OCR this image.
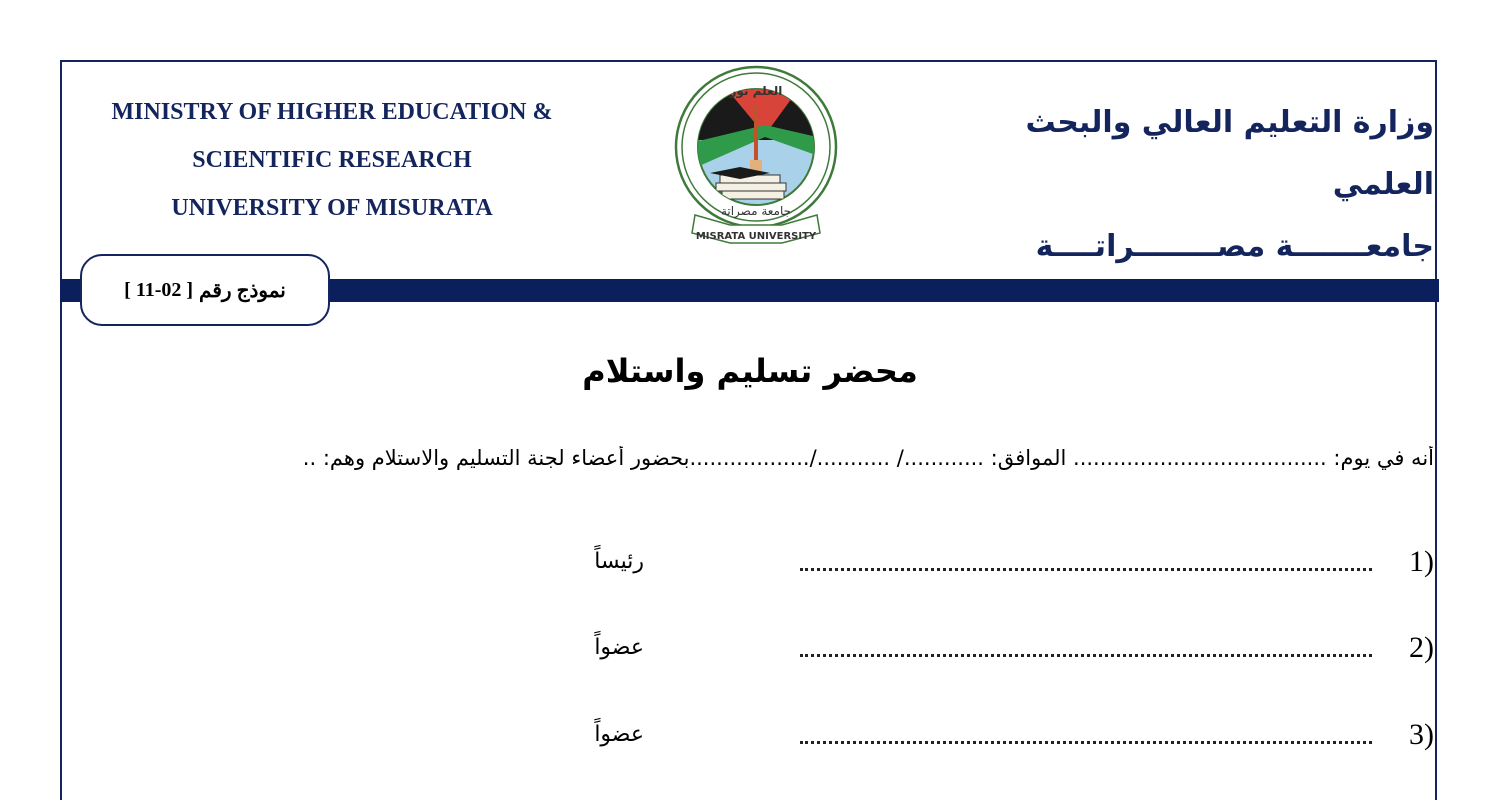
MINISTRY OF HIGHER EDUCATION &
SCIENTIFIC RESEARCH
UNIVERSITY OF MISURATA
MISRATA UNIVERSITY
العلم نور
جامعة مصراتة
وزارة التعليم العالي والبحث العلمي
جامعـــــــة مصــــــــراتــــة
نموذج رقم
[ 11-02 ]
محضر تسليم واستلام
أنه في يوم: ...................................... الموافق: ............/ .........../..................بحضور أعضاء لجنة التسليم والاستلام وهم: ..
(1
رئيساً
(2
عضواً
(3
عضواً
